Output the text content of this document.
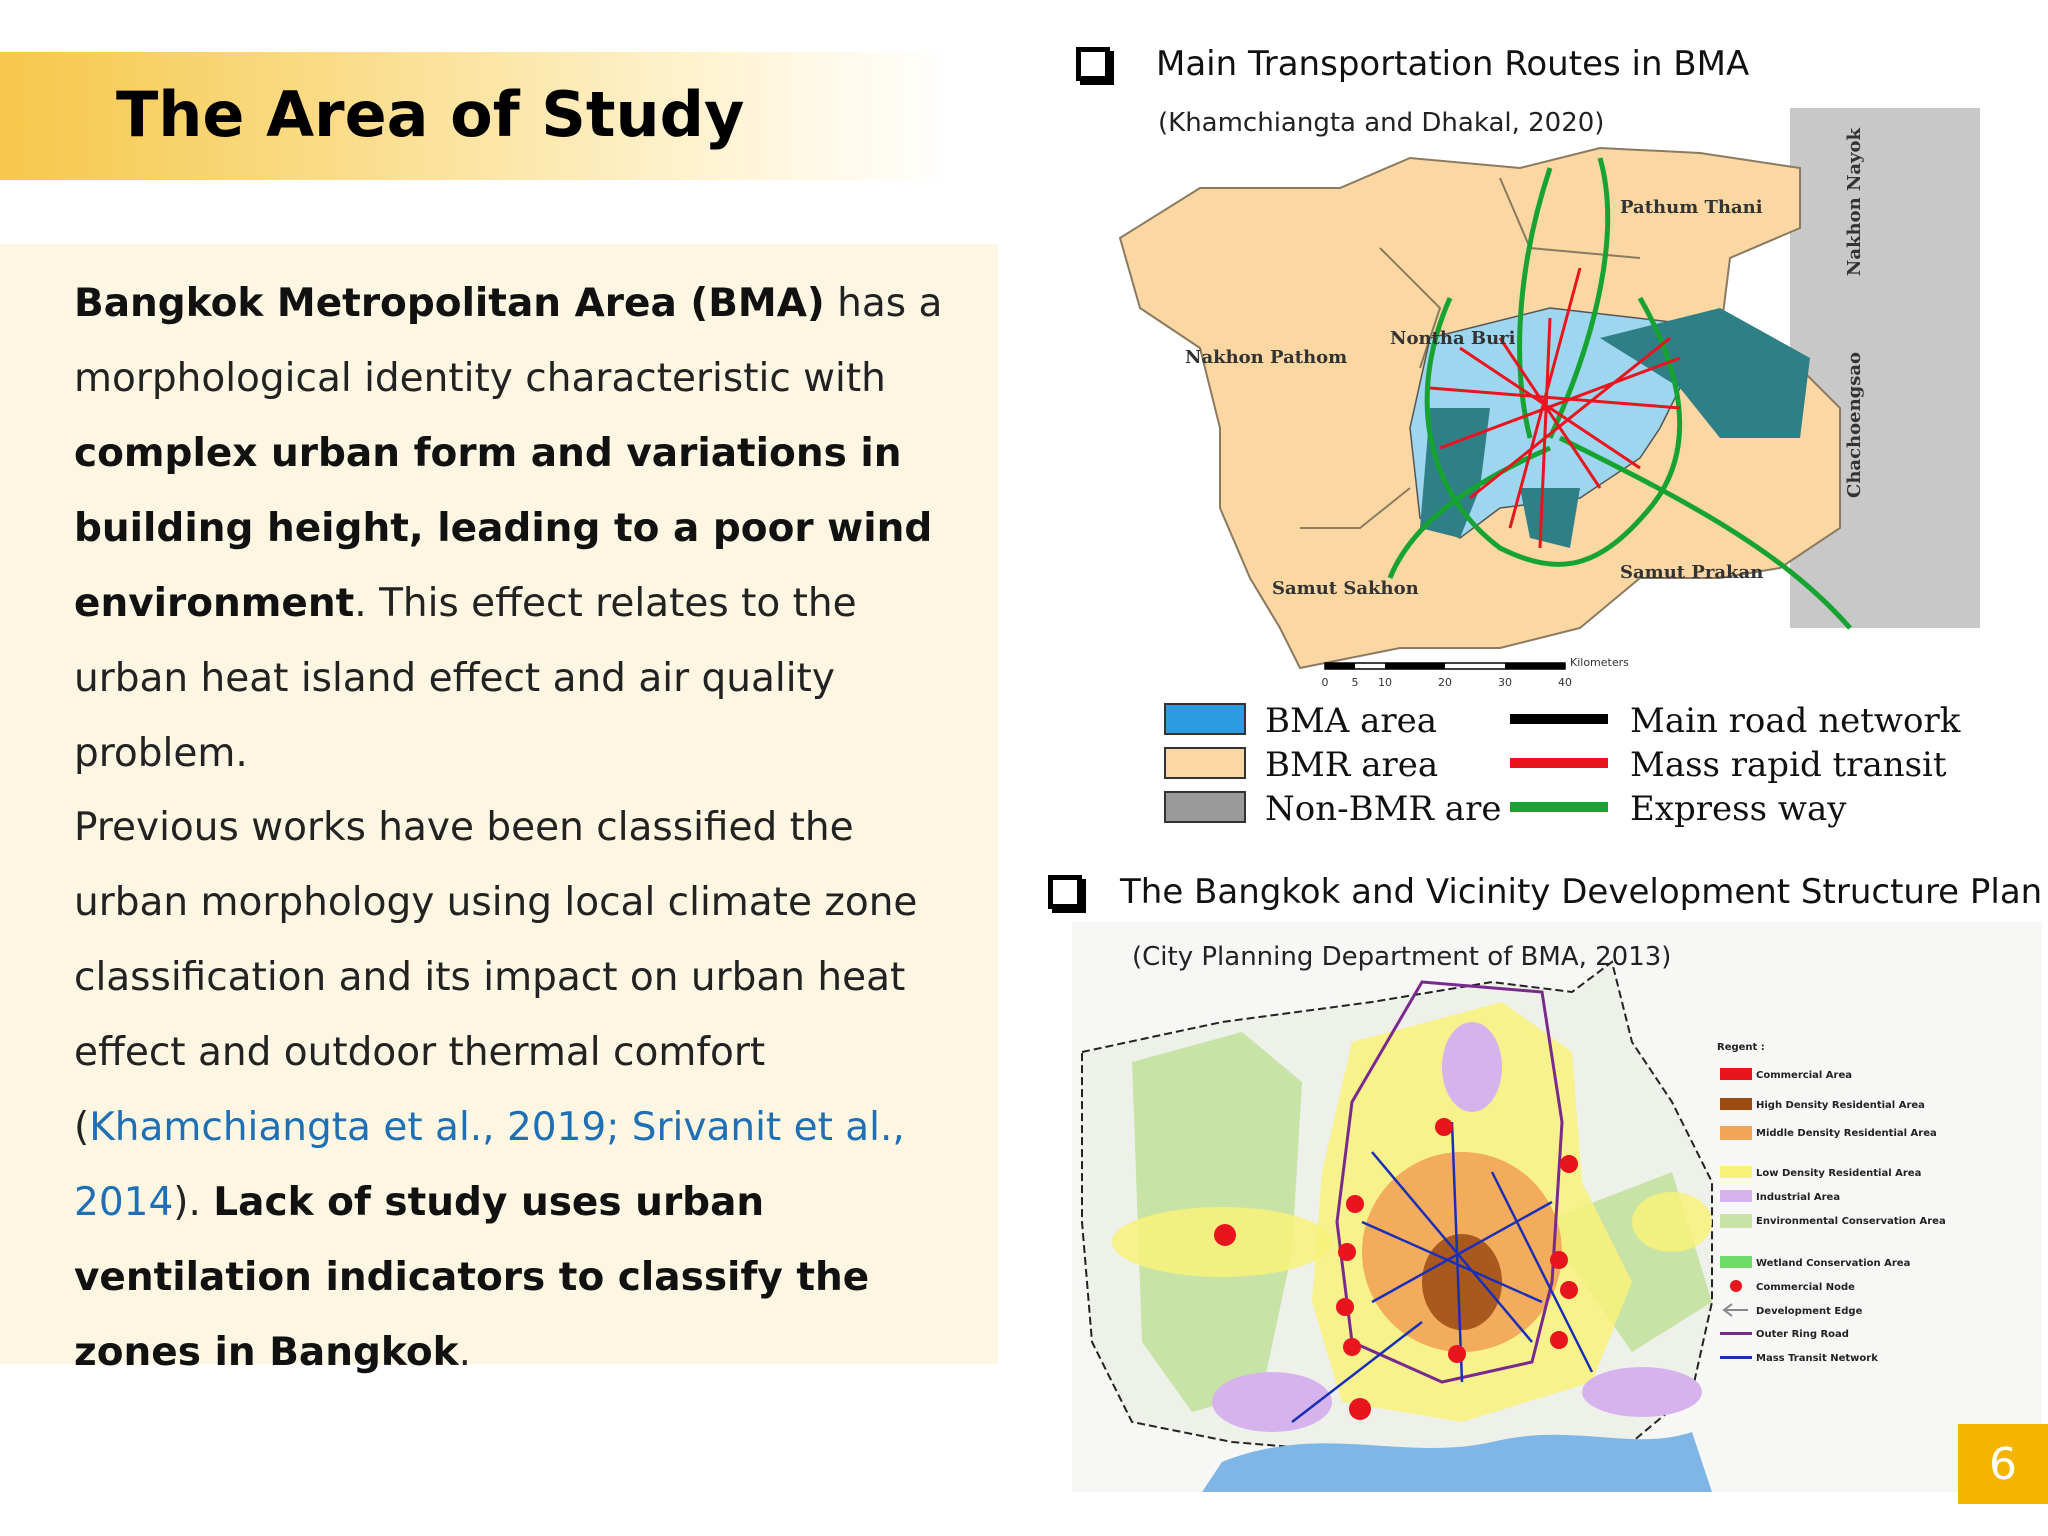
The Area of Study

Bangkok Metropolitan Area (BMA) has a morphological identity characteristic with complex urban form and variations in building height, leading to a poor wind environment. This effect relates to the urban heat island effect and air quality problem.

Previous works have been classified the urban morphology using local climate zone classification and its impact on urban heat effect and outdoor thermal comfort (Khamchiangta et al., 2019; Srivanit et al., 2014). Lack of study uses urban ventilation indicators to classify the zones in Bangkok.

Main Transportation Routes in BMA
(Khamchiangta and Dhakal, 2020)
Pathum Thani	Nakhon Nayok
Nontha Buri
Nakhon Pathom	Chachoengsao
Samut Prakan
Samut Sakhon
Kilometers
0 5 10	20	30	40
BMA area
BMR area
Non-BMR are
Main road network
Mass rapid transit
Express way
The Bangkok and Vicinity Development Structure Plan
Regent :
Commercial Area
High Density Residential Area
Middle Density Residential Area
Low Density Residential Area
Industrial Area
Environmental Conservation Area
Wetland Conservation Area
Commercial Node
Development Edge
Outer Ring Road
Mass Transit Network
(City Planning Department of BMA, 2013)
6
